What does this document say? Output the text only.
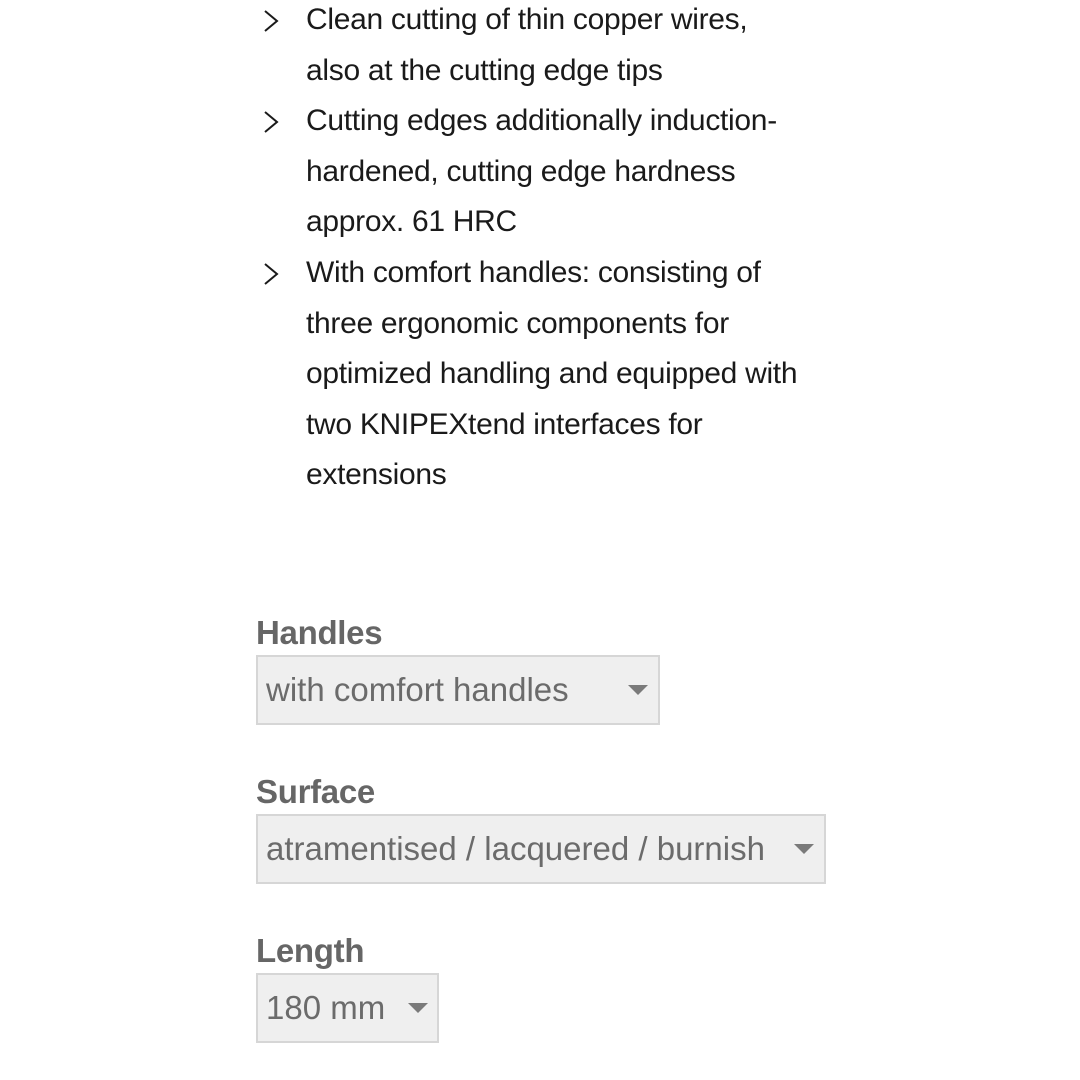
Clean cutting of thin copper wires,
also at the cutting edge tips
Cutting edges additionally induction-
hardened, cutting edge hardness
approx. 61 HRC
With comfort handles: consisting of
three ergonomic components for
optimized handling and equipped with
two KNIPEXtend interfaces for
extensions
Handles
with comfort handles
Surface
atramentised / lacquered / burnish
Length
180 mm
